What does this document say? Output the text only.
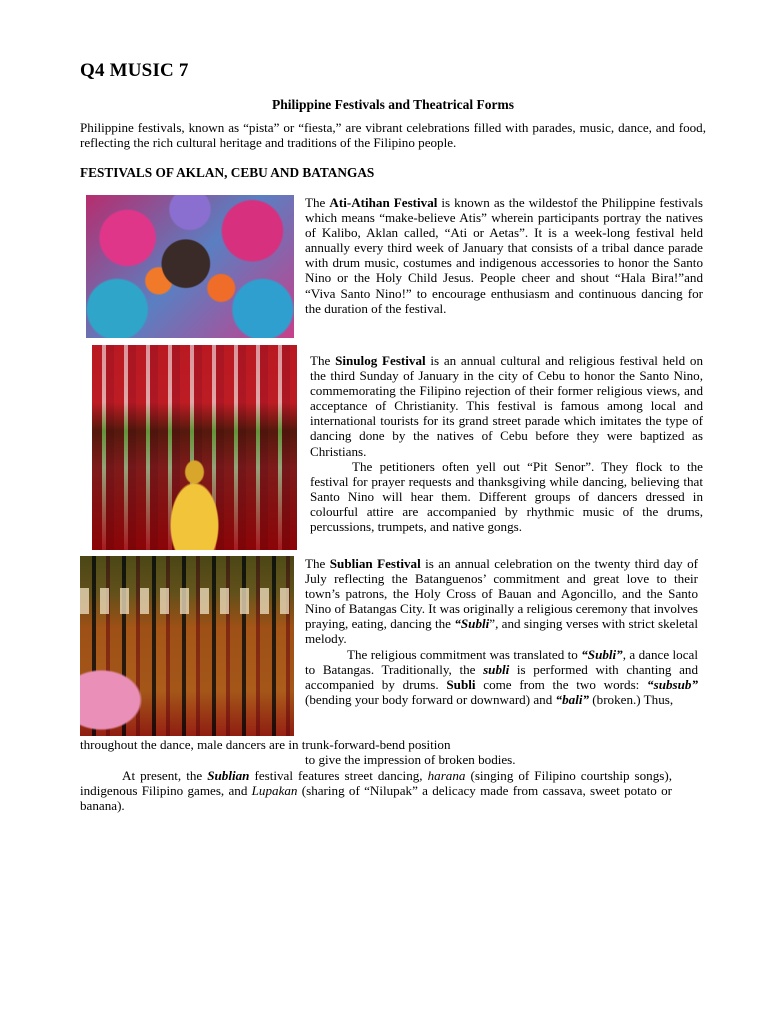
Q4 MUSIC 7
Philippine Festivals and Theatrical Forms
Philippine festivals, known as “pista” or “fiesta,” are vibrant celebrations filled with parades, music, dance, and food, reflecting the rich cultural heritage and traditions of the Filipino people.
FESTIVALS OF AKLAN, CEBU AND BATANGAS
The Ati-Atihan Festival is known as the wildestof the Philippine festivals which means “make-believe Atis” wherein participants portray the natives of Kalibo, Aklan called, “Ati or Aetas”. It is a week-long festival held annually every third week of January that consists of a tribal dance parade with drum music, costumes and indigenous accessories to honor the Santo Nino or the Holy Child Jesus. People cheer and shout “Hala Bira!”and “Viva Santo Nino!” to encourage enthusiasm and continuous dancing for the duration of the festival.
The Sinulog Festival is an annual cultural and religious festival held on the third Sunday of January in the city of Cebu to honor the Santo Nino, commemorating the Filipino rejection of their former religious views, and acceptance of Christianity. This festival is famous among local and international tourists for its grand street parade which imitates the type of dancing done by the natives of Cebu before they were baptized as Christians.
The petitioners often yell out “Pit Senor”. They flock to the festival for prayer requests and thanksgiving while dancing, believing that Santo Nino will hear them. Different groups of dancers dressed in colourful attire are accompanied by rhythmic music of the drums, percussions, trumpets, and native gongs.
The Sublian Festival is an annual celebration on the twenty third day of July reflecting the Batanguenos’ commitment and great love to their town’s patrons, the Holy Cross of Bauan and Agoncillo, and the Santo Nino of Batangas City. It was originally a religious ceremony that involves praying, eating, dancing the “Subli”, and singing verses with strict skeletal melody.
The religious commitment was translated to “Subli”, a dance local to Batangas. Traditionally, the subli is performed with chanting and accompanied by drums. Subli come from the two words: “subsub” (bending your body forward or downward) and “bali” (broken.) Thus,
throughout the dance, male dancers are in trunk-forward-bend position
to give the impression of broken bodies.
At present, the Sublian festival features street dancing, harana (singing of Filipino courtship songs), indigenous Filipino games, and Lupakan (sharing of “Nilupak” a delicacy made from cassava, sweet potato or banana).
